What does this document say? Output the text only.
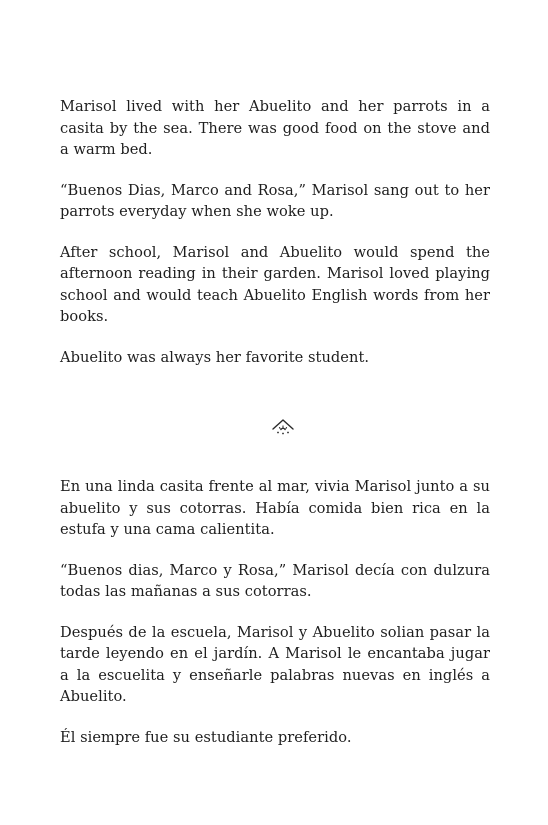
Marisol lived with her Abuelito and her parrots in a casita by the sea. There was good food on the stove and a warm bed.

“Buenos Dias, Marco and Rosa,” Marisol sang out to her parrots everyday when she woke up.

After school, Marisol and Abuelito would spend the afternoon reading in their garden. Marisol loved playing school and would teach Abuelito English words from her books.

Abuelito was always her favorite student.

En una linda casita frente al mar, vivia Marisol junto a su abuelito y sus cotorras. Había comida bien rica en la estufa y una cama calientita.

“Buenos dias, Marco y Rosa,” Marisol decía con dulzura todas las mañanas a sus cotorras.

Después de la escuela, Marisol y Abuelito solian pasar la tarde leyendo en el jardín. A Marisol le encantaba jugar a la escuelita y enseñarle palabras nuevas en inglés a Abuelito.

Él siempre fue su estudiante preferido.
